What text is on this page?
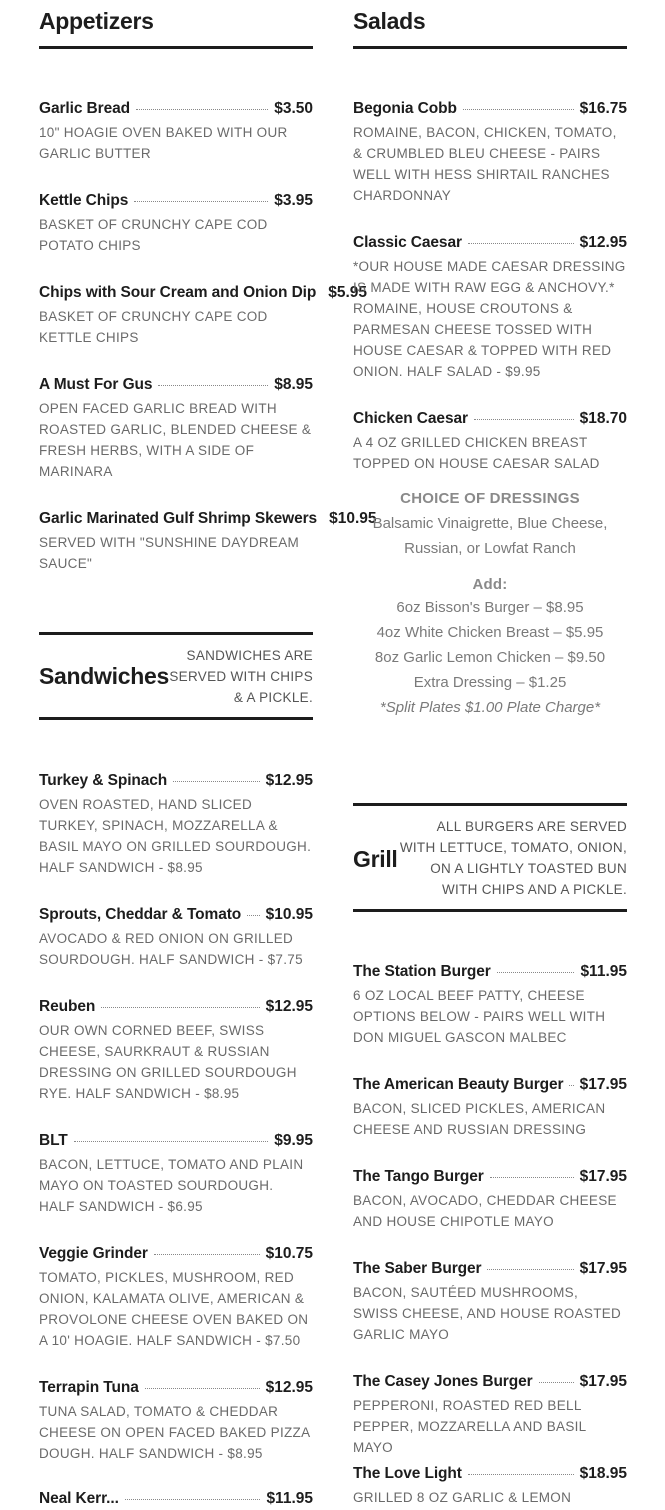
Appetizers
Garlic Bread	$3.50
10" HOAGIE OVEN BAKED WITH OUR GARLIC BUTTER
Kettle Chips	$3.95
BASKET OF CRUNCHY CAPE COD POTATO CHIPS
Chips with Sour Cream and Onion Dip $5.95
BASKET OF CRUNCHY CAPE COD KETTLE CHIPS
A Must For Gus	$8.95
OPEN FACED GARLIC BREAD WITH ROASTED GARLIC, BLENDED CHEESE & FRESH HERBS, WITH A SIDE OF MARINARA
Garlic Marinated Gulf Shrimp Skewers $10.95
SERVED WITH "SUNSHINE DAYDREAM SAUCE"
Sandwiches
SANDWICHES ARE SERVED WITH CHIPS & A PICKLE.
Turkey & Spinach	$12.95
OVEN ROASTED, HAND SLICED TURKEY, SPINACH, MOZZARELLA & BASIL MAYO ON GRILLED SOURDOUGH. HALF SANDWICH - $8.95
Sprouts, Cheddar & Tomato $10.95
AVOCADO & RED ONION ON GRILLED SOURDOUGH. HALF SANDWICH - $7.75
Reuben	$12.95
OUR OWN CORNED BEEF, SWISS CHEESE, SAURKRAUT & RUSSIAN DRESSING ON GRILLED SOURDOUGH RYE. HALF SANDWICH - $8.95
BLT	$9.95
BACON, LETTUCE, TOMATO AND PLAIN MAYO ON TOASTED SOURDOUGH. HALF SANDWICH - $6.95
Veggie Grinder	$10.75
TOMATO, PICKLES, MUSHROOM, RED ONION, KALAMATA OLIVE, AMERICAN & PROVOLONE CHEESE OVEN BAKED ON A 10' HOAGIE. HALF SANDWICH - $7.50
Terrapin Tuna	$12.95
TUNA SALAD, TOMATO & CHEDDAR CHEESE ON OPEN FACED BAKED PIZZA DOUGH. HALF SANDWICH - $8.95
Neal Kerr...	$11.95
Salads
Begonia Cobb	$16.75
ROMAINE, BACON, CHICKEN, TOMATO, & CRUMBLED BLEU CHEESE - PAIRS WELL WITH HESS SHIRTAIL RANCHES CHARDONNAY
Classic Caesar	$12.95
*OUR HOUSE MADE CAESAR DRESSING IS MADE WITH RAW EGG & ANCHOVY.* ROMAINE, HOUSE CROUTONS & PARMESAN CHEESE TOSSED WITH HOUSE CAESAR & TOPPED WITH RED ONION. HALF SALAD - $9.95
Chicken Caesar	$18.70
A 4 OZ GRILLED CHICKEN BREAST TOPPED ON HOUSE CAESAR SALAD
CHOICE OF DRESSINGS
Balsamic Vinaigrette, Blue Cheese, Russian, or Lowfat Ranch
Add:
6oz Bisson's Burger – $8.95
4oz White Chicken Breast – $5.95
8oz Garlic Lemon Chicken – $9.50
Extra Dressing – $1.25
*Split Plates $1.00 Plate Charge*
Grill
ALL BURGERS ARE SERVED WITH LETTUCE, TOMATO, ONION, ON A LIGHTLY TOASTED BUN WITH CHIPS AND A PICKLE.
The Station Burger	$11.95
6 OZ LOCAL BEEF PATTY, CHEESE OPTIONS BELOW - PAIRS WELL WITH DON MIGUEL GASCON MALBEC
The American Beauty Burger $17.95
BACON, SLICED PICKLES, AMERICAN CHEESE AND RUSSIAN DRESSING
The Tango Burger	$17.95
BACON, AVOCADO, CHEDDAR CHEESE AND HOUSE CHIPOTLE MAYO
The Saber Burger	$17.95
BACON, SAUTÉED MUSHROOMS, SWISS CHEESE, AND HOUSE ROASTED GARLIC MAYO
The Casey Jones Burger	$17.95
PEPPERONI, ROASTED RED BELL PEPPER, MOZZARELLA AND BASIL MAYO
The Love Light	$18.95
GRILLED 8 OZ GARLIC & LEMON
